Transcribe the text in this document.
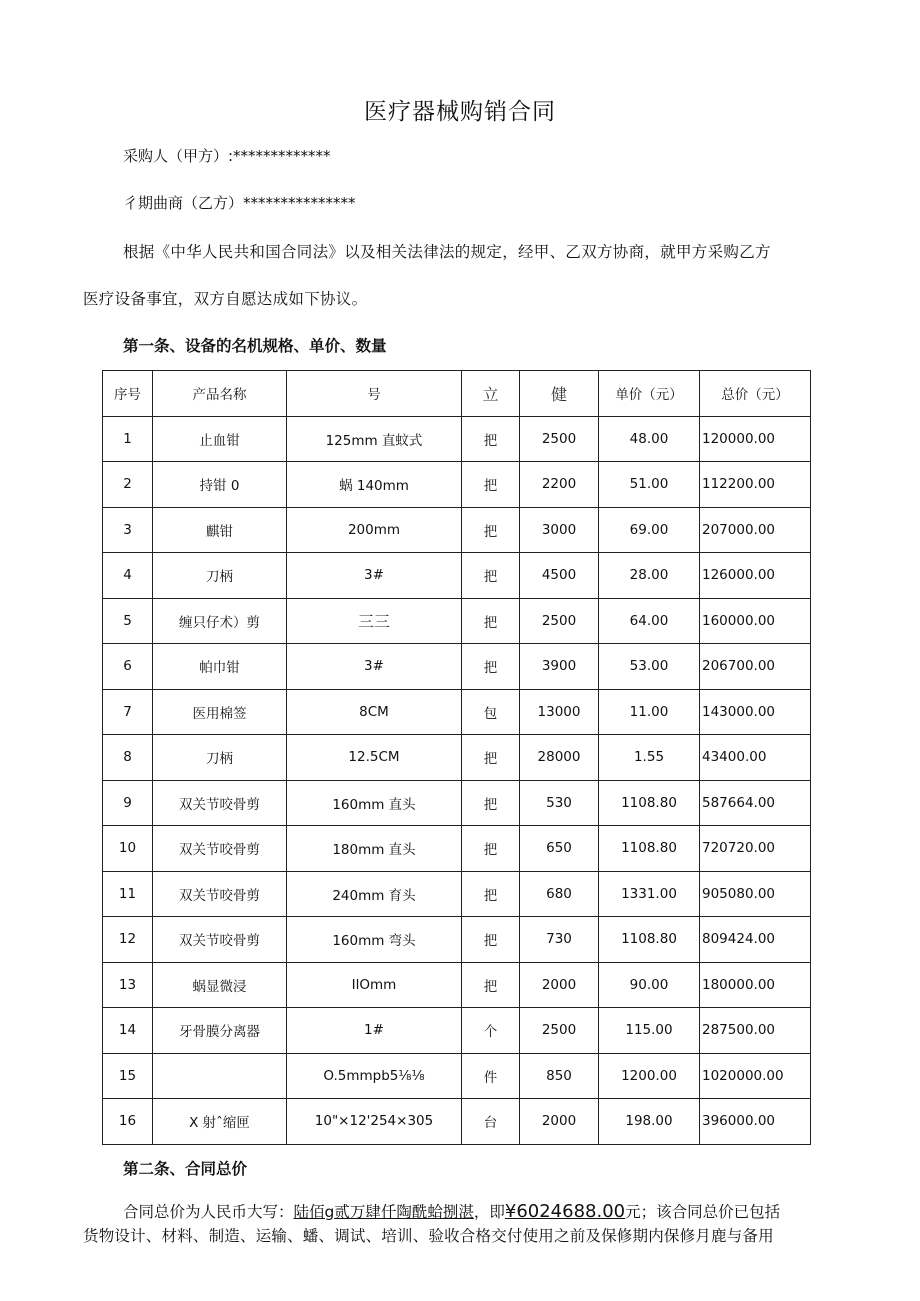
医疗器械购销合同
采购人（甲方）:*************
彳期曲商（乙方）***************
根据《中华人民共和国合同法》以及相关法律法的规定，经甲、乙双方协商，就甲方采购乙方
医疗设备事宜，双方自愿达成如下协议。
第一条、设备的名机规格、单价、数量
序号	产品名称	号	立	健	单价（元）	总价（元）
1	止血钳	125mm 直蚊式	把	2500	48.00	120000.00
2	持钳 0	蜗 140mm	把	2200	51.00	112200.00
3	麒钳	200mm	把	3000	69.00	207000.00
4	刀柄	3#	把	4500	28.00	126000.00
5	缠只仔术）剪	三三	把	2500	64.00	160000.00
6	帕巾钳	3#	把	3900	53.00	206700.00
7	医用棉签	8CM	包	13000	11.00	143000.00
8	刀柄	12.5CM	把	28000	1.55	43400.00
9	双关节咬骨剪	160mm 直头	把	530	1108.80	587664.00
10	双关节咬骨剪	180mm 直头	把	650	1108.80	720720.00
11	双关节咬骨剪	240mm 育头	把	680	1331.00	905080.00
12	双关节咬骨剪	160mm 弯头	把	730	1108.80	809424.00
13	蜗显微浸	IlOmm	把	2000	90.00	180000.00
14	牙骨膜分离器	1#	个	2500	115.00	287500.00
15		O.5mmpb5⅛⅛	件	850	1200.00	1020000.00
16	X 射ˆ缩匣	10"×12'254×305	台	2000	198.00	396000.00
第二条、合同总价
合同总价为人民币大写：陆佰g贰万肆仟陶酰蛤捌湛，即¥6024688.00元；该合同总价已包括
货物设计、材料、制造、运输、蟠、调试、培训、验收合格交付使用之前及保修期内保修月鹿与备用
